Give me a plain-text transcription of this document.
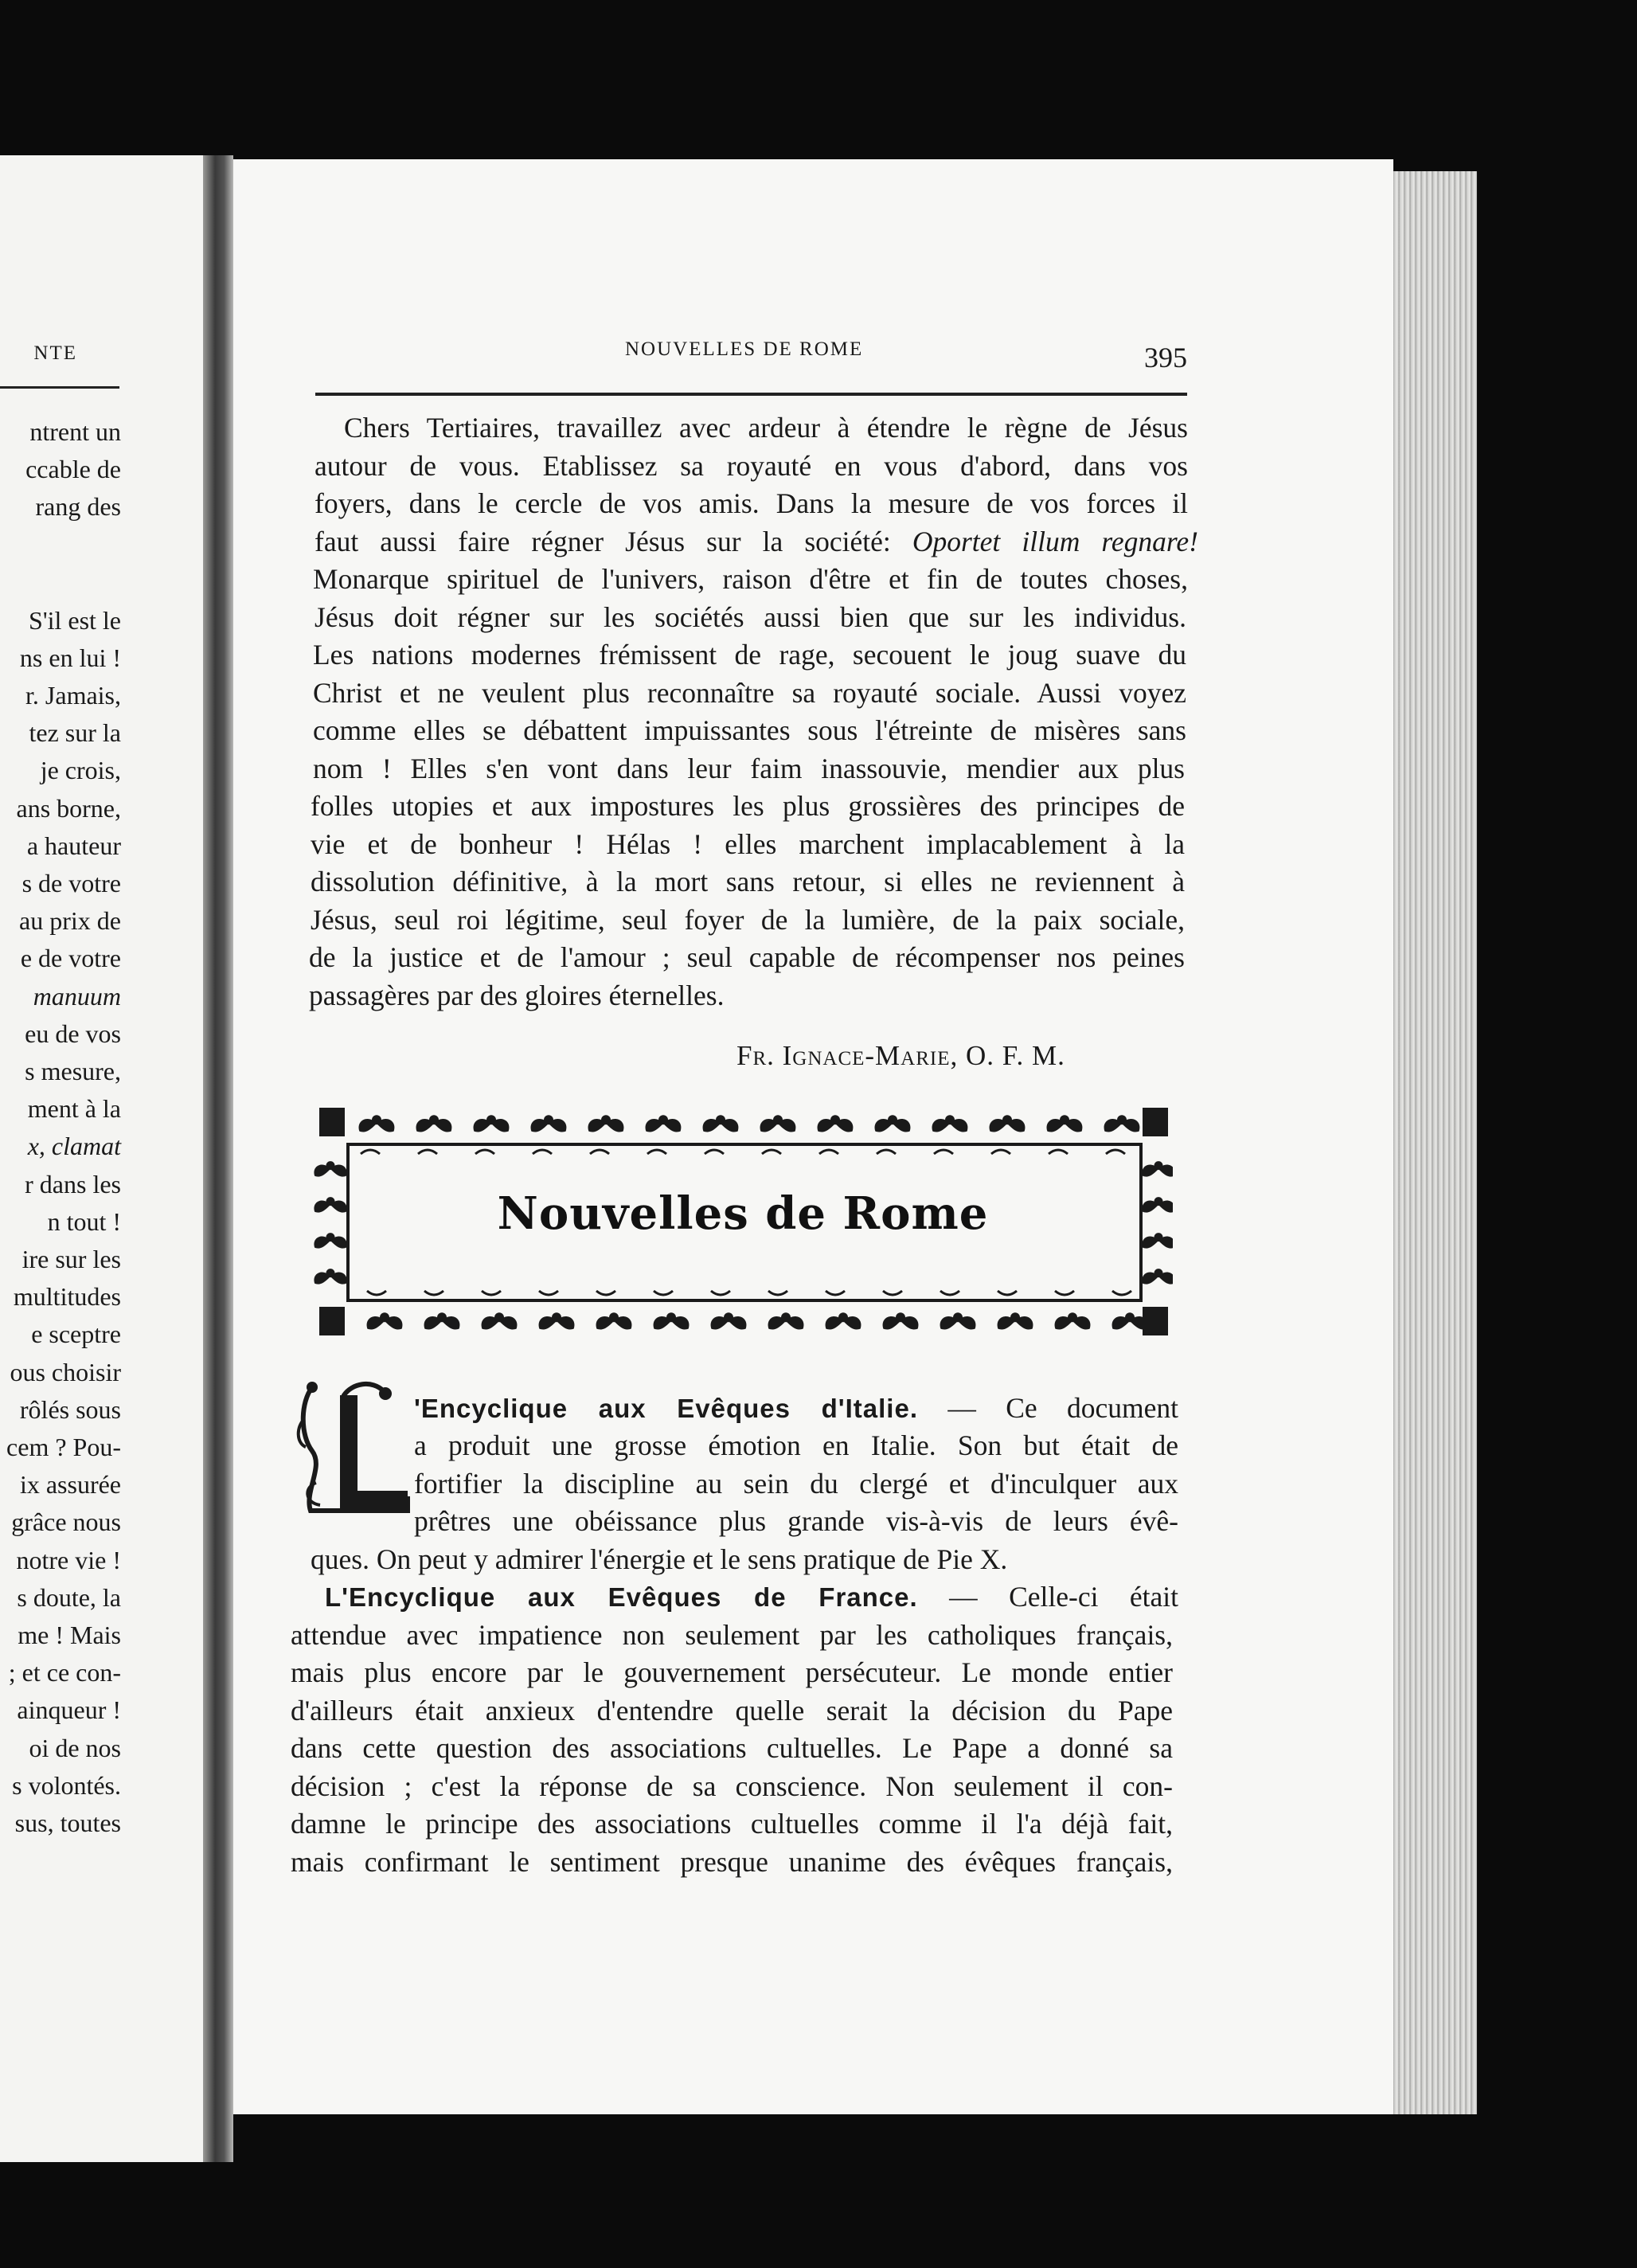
NTE
ntrent un
ccable de
rang des
S'il est le
ns en lui !
r. Jamais,
tez sur la
je crois,
ans borne,
a hauteur
s de votre
au prix de
e de votre
manuum
eu de vos
s mesure,
ment à la
x, clamat
r dans les
n tout !
ire sur les
multitudes
e sceptre
ous choisir
rôlés sous
cem ? Pou-
ix assurée
grâce nous
notre vie !
s doute, la
me ! Mais
; et ce con-
ainqueur !
oi de nos
s volontés.
sus, toutes
NOUVELLES DE ROME	395
Chers Tertiaires, travaillez avec ardeur à étendre le règne de Jésus
autour de vous. Etablissez sa royauté en vous d'abord, dans vos
foyers, dans le cercle de vos amis. Dans la mesure de vos forces il
faut aussi faire régner Jésus sur la société: Oportet illum regnare!
Monarque spirituel de l'univers, raison d'être et fin de toutes choses,
Jésus doit régner sur les sociétés aussi bien que sur les individus.
Les nations modernes frémissent de rage, secouent le joug suave du
Christ et ne veulent plus reconnaître sa royauté sociale. Aussi voyez
comme elles se débattent impuissantes sous l'étreinte de misères sans
nom ! Elles s'en vont dans leur faim inassouvie, mendier aux plus
folles utopies et aux impostures les plus grossières des principes de
vie et de bonheur ! Hélas ! elles marchent implacablement à la
dissolution définitive, à la mort sans retour, si elles ne reviennent à
Jésus, seul roi légitime, seul foyer de la lumière, de la paix sociale,
de la justice et de l'amour ; seul capable de récompenser nos peines
passagères par des gloires éternelles.
Fr. Ignace-Marie, O. F. M.
Nouvelles de Rome
'Encyclique aux Evêques d'Italie. — Ce document
a produit une grosse émotion en Italie. Son but était de
fortifier la discipline au sein du clergé et d'inculquer aux
prêtres une obéissance plus grande vis-à-vis de leurs évê-
ques. On peut y admirer l'énergie et le sens pratique de Pie X.
L'Encyclique aux Evêques de France. — Celle-ci était
attendue avec impatience non seulement par les catholiques français,
mais plus encore par le gouvernement persécuteur. Le monde entier
d'ailleurs était anxieux d'entendre quelle serait la décision du Pape
dans cette question des associations cultuelles. Le Pape a donné sa
décision ; c'est la réponse de sa conscience. Non seulement il con-
damne le principe des associations cultuelles comme il l'a déjà fait,
mais confirmant le sentiment presque unanime des évêques français,
